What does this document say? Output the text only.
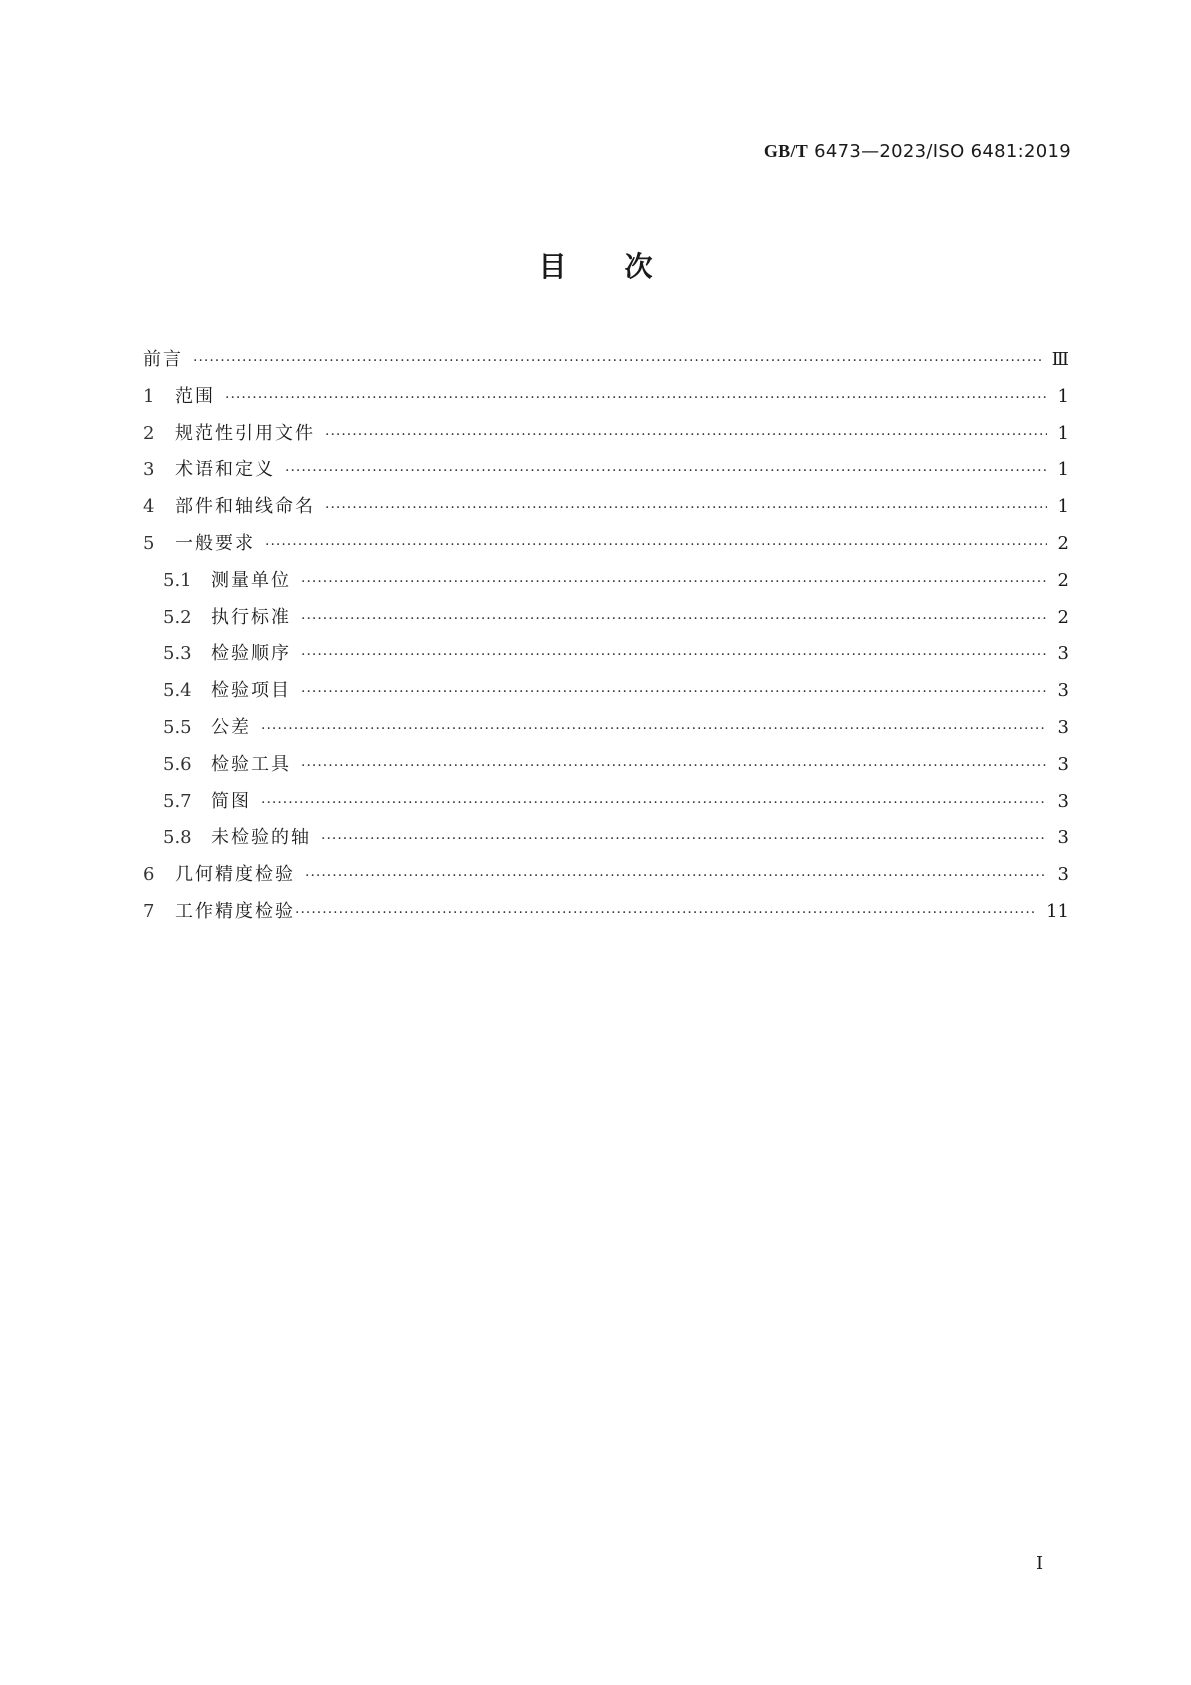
GB/T 6473—2023/ISO 6481:2019
目次
前言 ·····	Ⅲ
1	范围 ·····	1
2	规范性引用文件 ·····	1
3	术语和定义 ·····	1
4	部件和轴线命名 ·····	1
5	一般要求 ·····	2
5.1	测量单位 ·····	2
5.2	执行标准 ·····	2
5.3	检验顺序 ·····	3
5.4	检验项目 ·····	3
5.5	公差 ·····	3
5.6	检验工具 ·····	3
5.7	简图 ·····	3
5.8	未检验的轴 ·····	3
6	几何精度检验 ·····	3
7	工作精度检验 ·····	11
I
